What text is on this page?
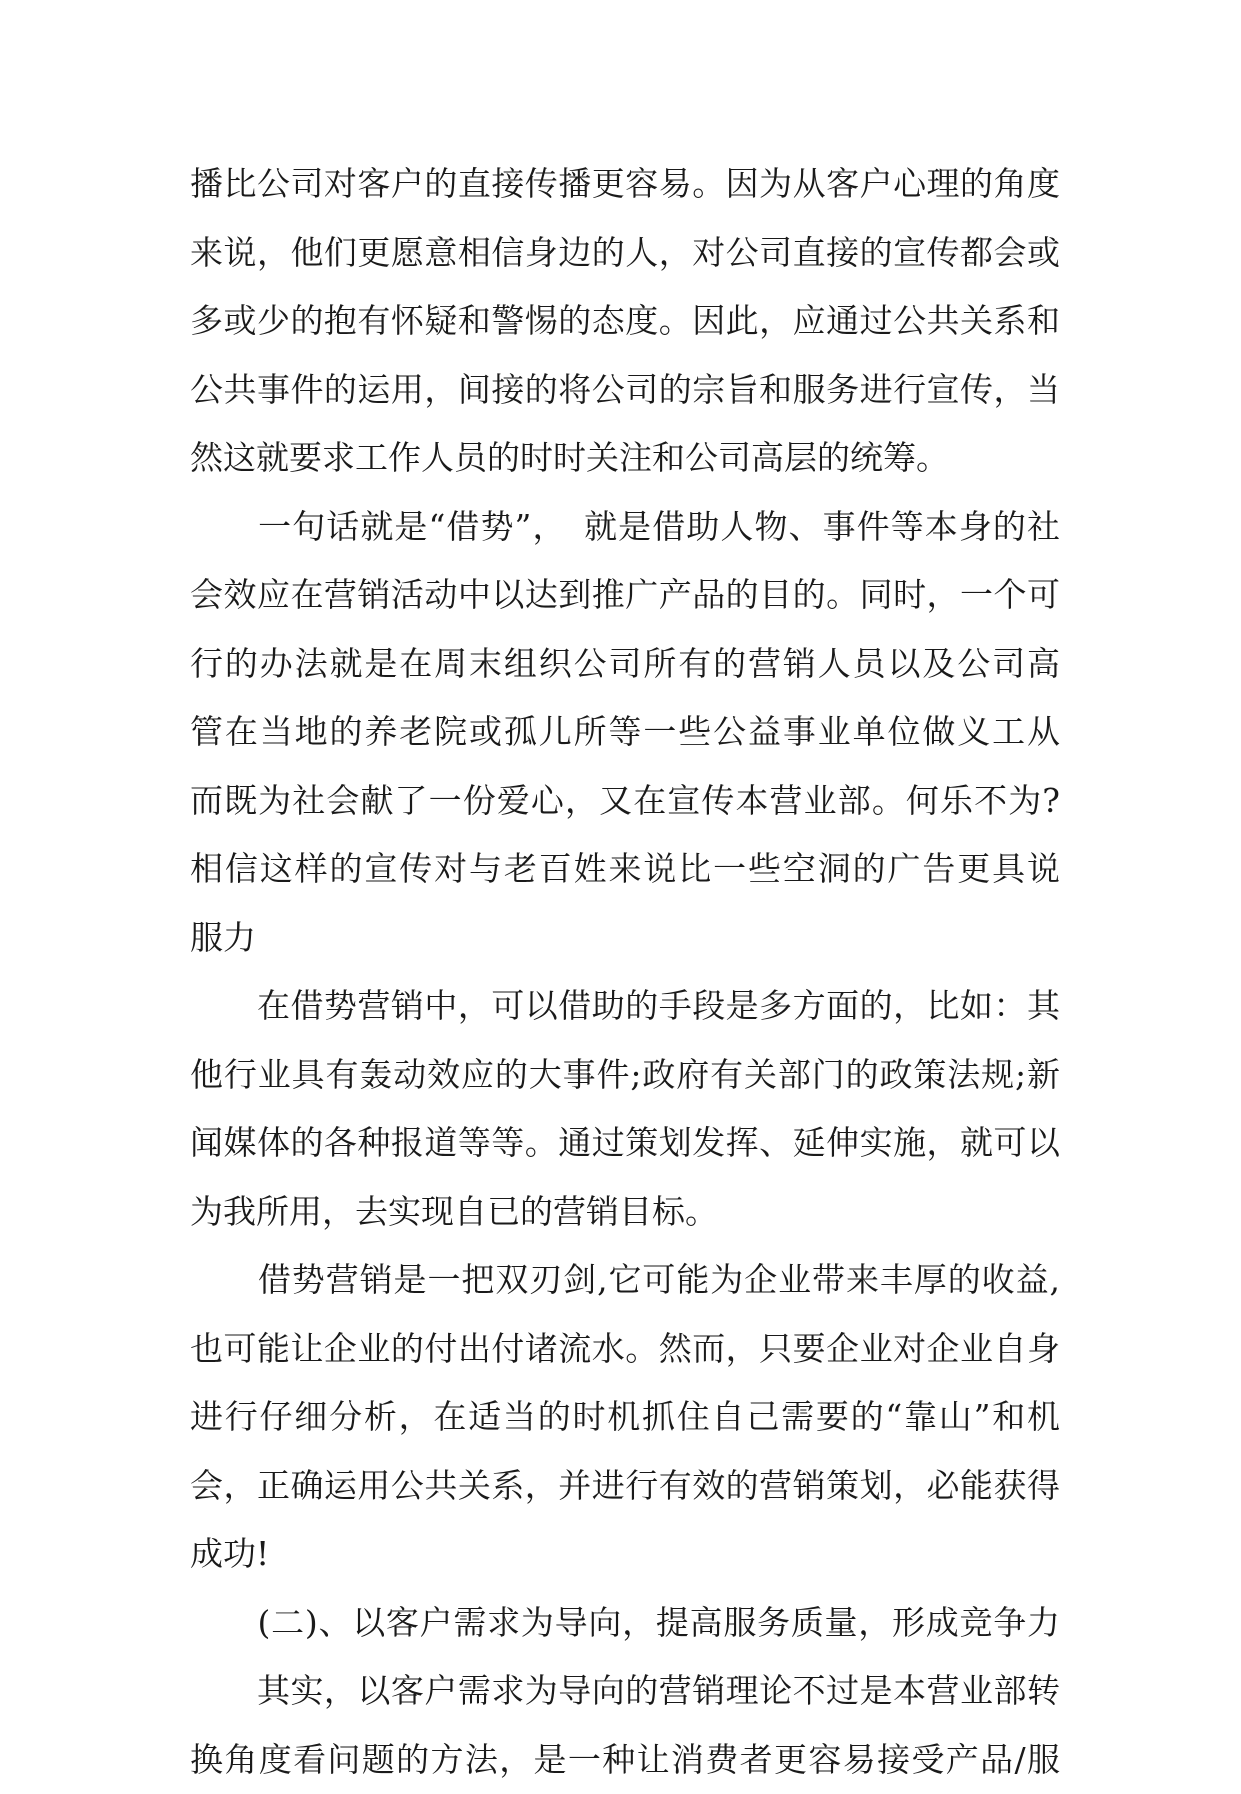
播比公司对客户的直接传播更容易。因为从客户心理的角度
来说，他们更愿意相信身边的人，对公司直接的宣传都会或
多或少的抱有怀疑和警惕的态度。因此，应通过公共关系和
公共事件的运用，间接的将公司的宗旨和服务进行宣传，当
然这就要求工作人员的时时关注和公司高层的统筹。
　　一句话就是“借势”，　就是借助人物、事件等本身的社
会效应在营销活动中以达到推广产品的目的。同时，一个可
行的办法就是在周末组织公司所有的营销人员以及公司高
管在当地的养老院或孤儿所等一些公益事业单位做义工从
而既为社会献了一份爱心，又在宣传本营业部。何乐不为?
相信这样的宣传对与老百姓来说比一些空洞的广告更具说
服力
　　在借势营销中，可以借助的手段是多方面的，比如：其
他行业具有轰动效应的大事件;政府有关部门的政策法规;新
闻媒体的各种报道等等。通过策划发挥、延伸实施，就可以
为我所用，去实现自已的营销目标。
　　借势营销是一把双刃剑,它可能为企业带来丰厚的收益,
也可能让企业的付出付诸流水。然而，只要企业对企业自身
进行仔细分析，在适当的时机抓住自己需要的“靠山”和机
会，正确运用公共关系，并进行有效的营销策划，必能获得
成功!
　　(二)、以客户需求为导向，提高服务质量，形成竞争力
　　其实，以客户需求为导向的营销理论不过是本营业部转
换角度看问题的方法，是一种让消费者更容易接受产品/服
